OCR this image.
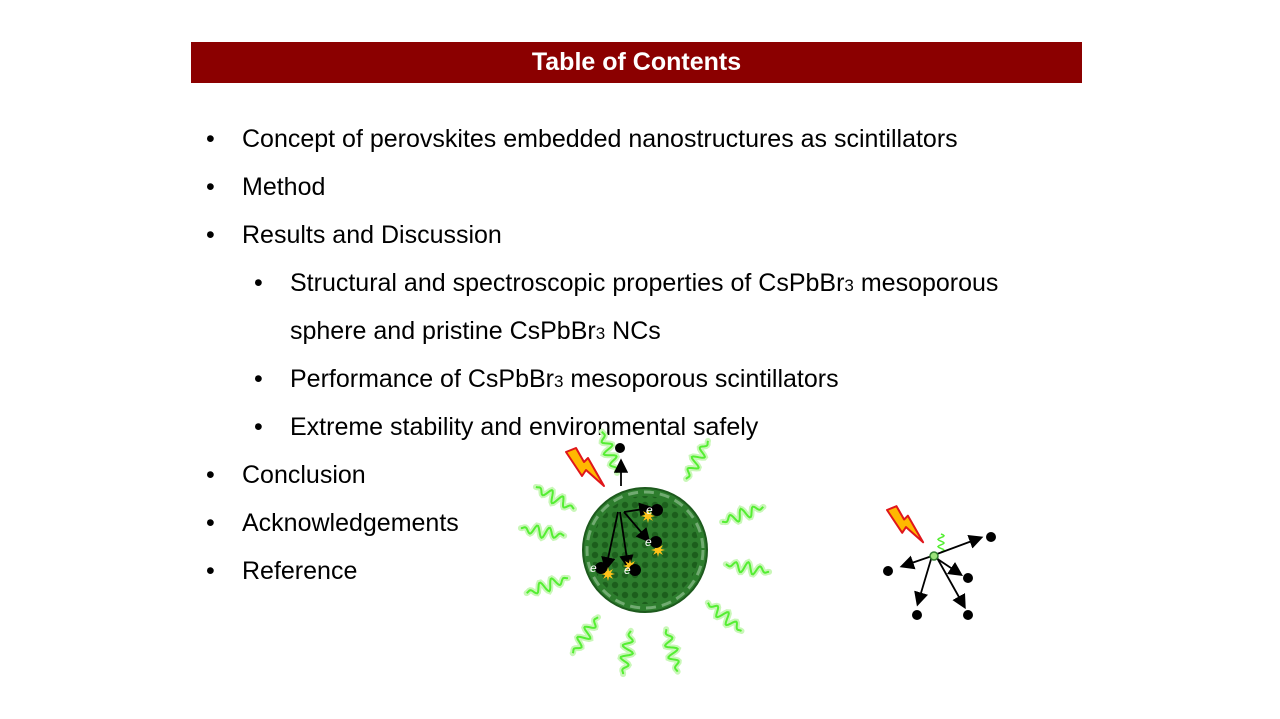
Table of Contents
• Concept of perovskites embedded nanostructures as scintillators
• Method
• Results and Discussion
• Structural and spectroscopic properties of CsPbBr3 mesoporous
sphere and pristine CsPbBr3 NCs
• Performance of CsPbBr3 mesoporous scintillators
• Extreme stability and environmental safely
• Conclusion
• Acknowledgements
• Reference
e
e
e e
